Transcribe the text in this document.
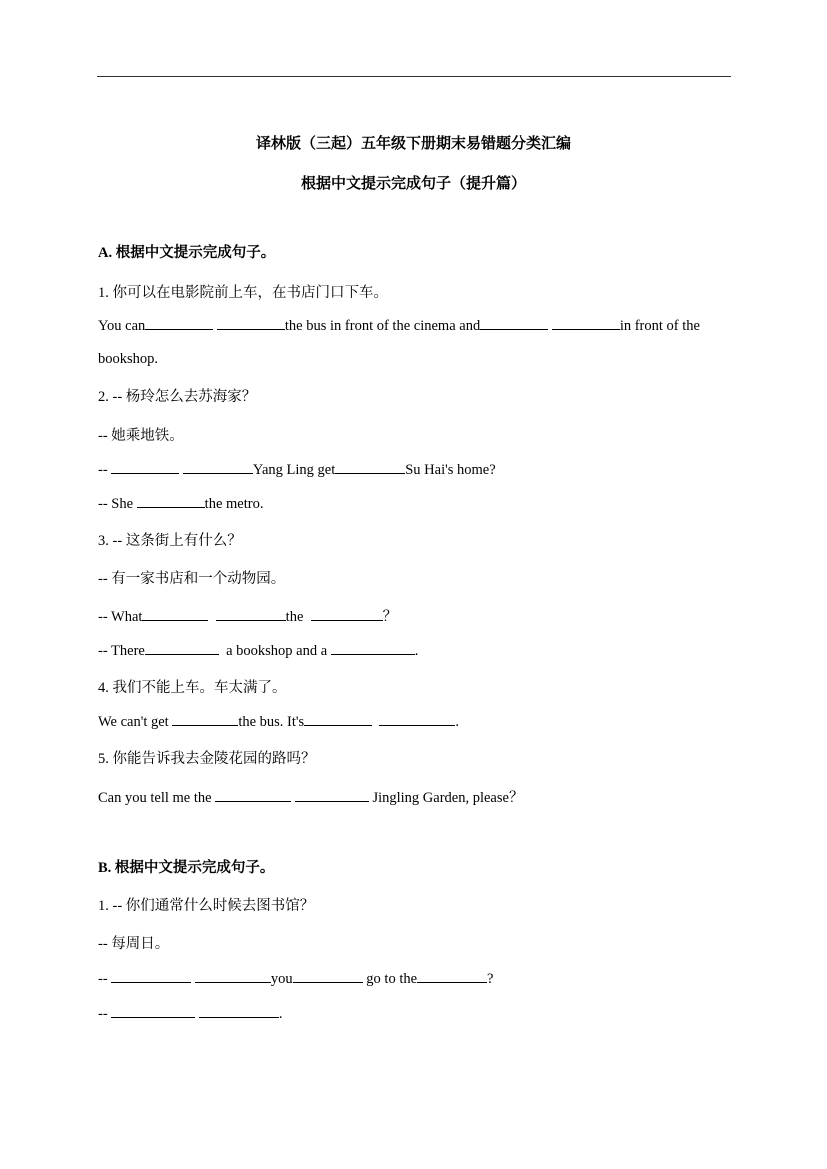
译林版（三起）五年级下册期末易错题分类汇编
根据中文提示完成句子（提升篇）
A. 根据中文提示完成句子。
1. 你可以在电影院前上车，在书店门口下车。
You can	the bus in front of the cinema and	in front of the bookshop.
2. -- 杨玲怎么去苏海家？
-- 她乘地铁。
--	Yang Ling get	Su Hai's home?
-- She	the metro.
3. -- 这条街上有什么？
-- 有一家书店和一个动物园。
-- What	the	？
-- There	a bookshop and a	.
4. 我们不能上车。车太满了。
We can't get	the bus. It's	.
5. 你能告诉我去金陵花园的路吗？
Can you tell me the	Jingling Garden, please？
B. 根据中文提示完成句子。
1. -- 你们通常什么时候去图书馆？
-- 每周日。
--	you	go to the	?
--	.
